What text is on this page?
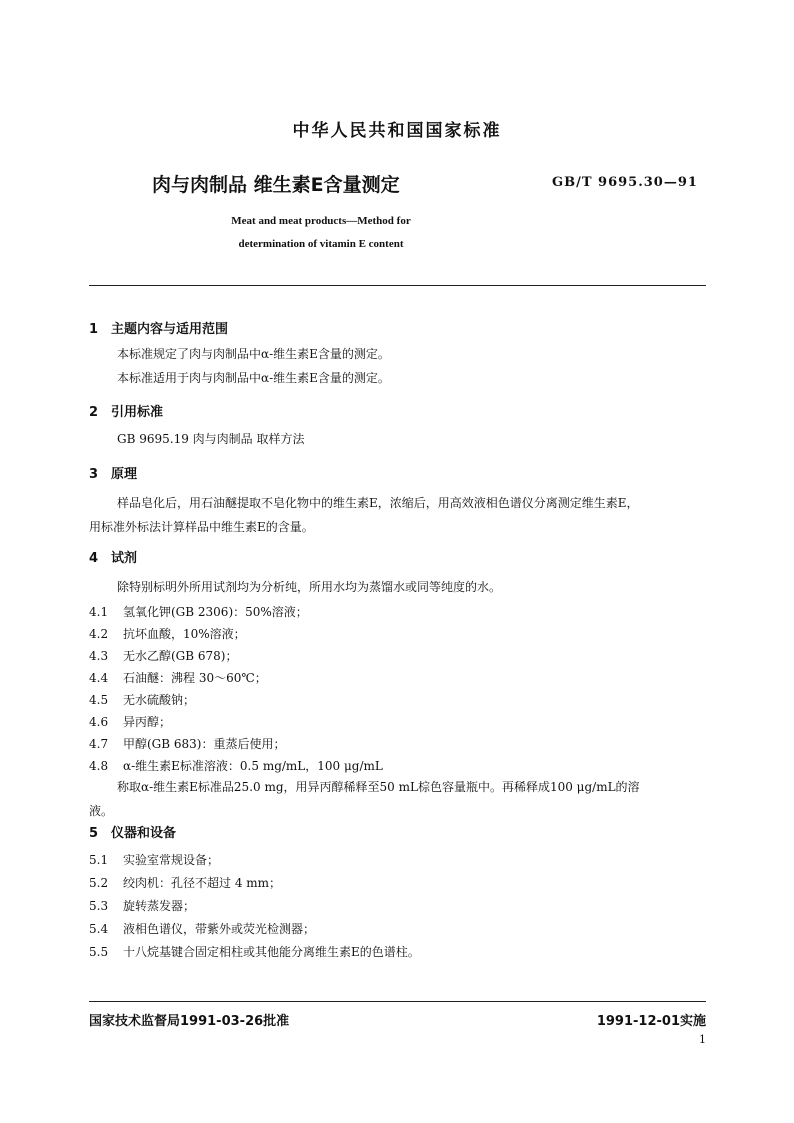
中华人民共和国国家标准
肉与肉制品 维生素E含量测定	GB/T 9695.30—91
Meat and meat products—Method for
determination of vitamin E content
1 主题内容与适用范围
本标准规定了肉与肉制品中α-维生素E含量的测定。
本标准适用于肉与肉制品中α-维生素E含量的测定。
2 引用标准
GB 9695.19 肉与肉制品 取样方法
3 原理
样品皂化后，用石油醚提取不皂化物中的维生素E，浓缩后，用高效液相色谱仪分离测定维生素E，
用标准外标法计算样品中维生素E的含量。
4 试剂
除特别标明外所用试剂均为分析纯，所用水均为蒸馏水或同等纯度的水。
4.1 氢氧化钾(GB 2306)：50%溶液；
4.2 抗坏血酸，10%溶液；
4.3 无水乙醇(GB 678)；
4.4 石油醚：沸程 30～60℃；
4.5 无水硫酸钠；
4.6 异丙醇；
4.7 甲醇(GB 683)：重蒸后使用；
4.8 α-维生素E标准溶液：0.5 mg/mL，100 μg/mL
称取α-维生素E标准品25.0 mg，用异丙醇稀释至50 mL棕色容量瓶中。再稀释成100 μg/mL的溶
液。
5 仪器和设备
5.1 实验室常规设备；
5.2 绞肉机：孔径不超过 4 mm；
5.3 旋转蒸发器；
5.4 液相色谱仪，带紫外或荧光检测器；
5.5 十八烷基键合固定相柱或其他能分离维生素E的色谱柱。
国家技术监督局1991-03-26批准	1991-12-01实施
1
